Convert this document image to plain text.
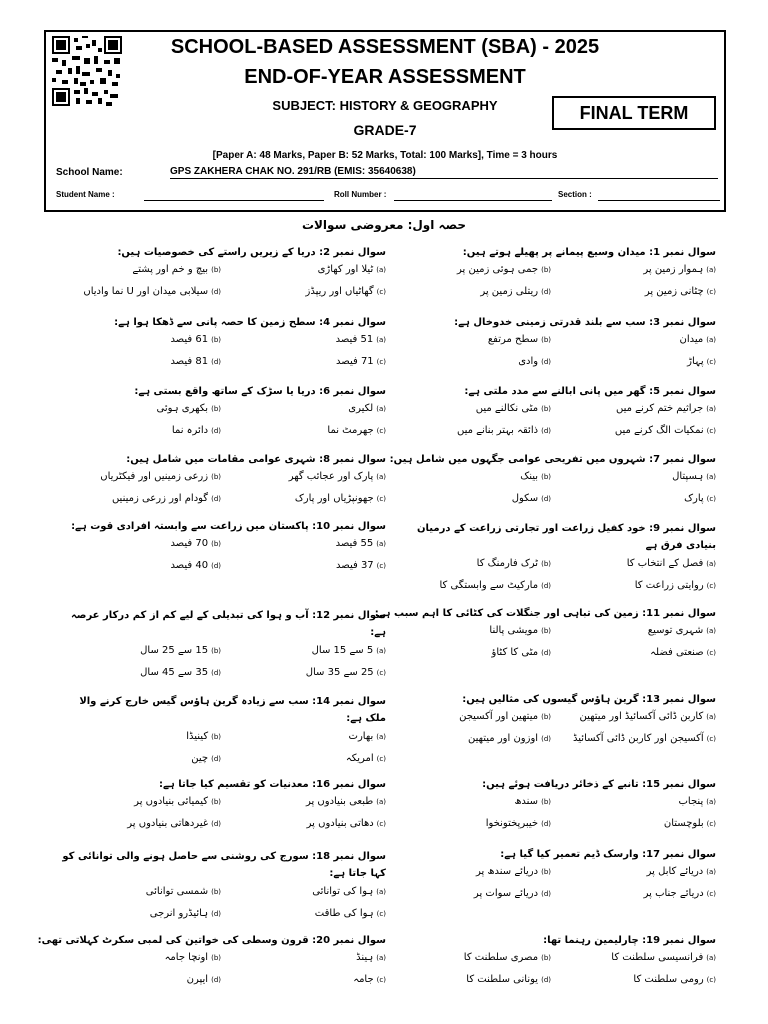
SCHOOL-BASED ASSESSMENT (SBA) - 2025
END-OF-YEAR ASSESSMENT
SUBJECT: HISTORY & GEOGRAPHY
GRADE-7
FINAL TERM
[Paper A: 48 Marks, Paper B: 52 Marks, Total: 100 Marks], Time = 3 hours
School Name:	GPS ZAKHERA CHAK NO. 291/RB (EMIS: 35640638)
Student Name :	Roll Number :	Section :
حصہ اول: معروضی سوالات
سوال نمبر 1: میدان وسیع پیمانے پر پھیلے ہوتے ہیں:
(a)ہموار زمین پر
(b)جمی ہوئی زمین پر
(c)چٹانی زمین پر
(d)ریتلی زمین پر
سوال نمبر 2: دریا کے زیریں راستے کی خصوصیات ہیں:
(a)ٹیلا اور کھاڑی
(b)بیچ و خم اور پشتے
(c)گھاٹیاں اور ریپڈز
(d)سیلابی میدان اور U نما وادیاں
سوال نمبر 3: سب سے بلند قدرتی زمینی خدوخال ہے:
(a)میدان
(b)سطح مرتفع
(c)پہاڑ
(d)وادی
سوال نمبر 4: سطح زمین کا حصہ پانی سے ڈھکا ہوا ہے:
(a)51 فیصد
(b)61 فیصد
(c)71 فیصد
(d)81 فیصد
سوال نمبر 5: گھر میں پانی ابالنے سے مدد ملتی ہے:
(a)جراثیم ختم کرنے میں
(b)مٹی نکالنے میں
(c)نمکیات الگ کرنے میں
(d)ذائقہ بہتر بنانے میں
سوال نمبر 6: دریا یا سڑک کے ساتھ واقع بستی ہے:
(a)لکیری
(b)بکھری ہوئی
(c)جھرمٹ نما
(d)دائرہ نما
سوال نمبر 7: شہروں میں تفریحی عوامی جگہوں میں شامل ہیں:
(a)ہسپتال
(b)بینک
(c)پارک
(d)سکول
سوال نمبر 8: شہری عوامی مقامات میں شامل ہیں:
(a)پارک اور عجائب گھر
(b)زرعی زمینیں اور فیکٹریاں
(c)جھونپڑیاں اور پارک
(d)گودام اور زرعی زمینیں
سوال نمبر 9: خود کفیل زراعت اور تجارتی زراعت کے درمیان بنیادی فرق ہے
(a)فصل کے انتخاب کا
(b)ٹرک فارمنگ کا
(c)روایتی زراعت کا
(d)مارکیٹ سے وابستگی کا
سوال نمبر 10: پاکستان میں زراعت سے وابستہ افرادی قوت ہے:
(a)55 فیصد
(b)70 فیصد
(c)37 فیصد
(d)40 فیصد
سوال نمبر 11: زمین کی تباہی اور جنگلات کی کٹائی کا اہم سبب ہے:
(a)شہری توسیع
(b)مویشی پالنا
(c)صنعتی فضلہ
(d)مٹی کا کٹاؤ
سوال نمبر 12: آب و ہوا کی تبدیلی کے لیے کم از کم درکار عرصہ ہے:
(a)5 سے 15 سال
(b)15 سے 25 سال
(c)25 سے 35 سال
(d)35 سے 45 سال
سوال نمبر 13: گرین ہاؤس گیسوں کی مثالیں ہیں:
(a)کاربن ڈائی آکسائیڈ اور میتھین
(b)میتھین اور آکسیجن
(c)آکسیجن اور کاربن ڈائی آکسائیڈ
(d)اوزون اور میتھین
سوال نمبر 14: سب سے زیادہ گرین ہاؤس گیس خارج کرنے والا ملک ہے:
(a)بھارت
(b)کینیڈا
(c)امریکہ
(d)چین
سوال نمبر 15: تانبے کے ذخائر دریافت ہوئے ہیں:
(a)پنجاب
(b)سندھ
(c)بلوچستان
(d)خیبرپختونخوا
سوال نمبر 16: معدنیات کو تقسیم کیا جاتا ہے:
(a)طبعی بنیادوں پر
(b)کیمیائی بنیادوں پر
(c)دھاتی بنیادوں پر
(d)غیردھاتی بنیادوں پر
سوال نمبر 17: وارسک ڈیم تعمیر کیا گیا ہے:
(a)دریائے کابل پر
(b)دریائے سندھ پر
(c)دریائے جناب پر
(d)دریائے سوات پر
سوال نمبر 18: سورج کی روشنی سے حاصل ہونے والی توانائی کو کہا جاتا ہے:
(a)ہوا کی توانائی
(b)شمسی توانائی
(c)ہوا کی طاقت
(d)ہائیڈرو انرجی
سوال نمبر 19: چارلیمین رہنما تھا:
(a)فرانسیسی سلطنت کا
(b)مصری سلطنت کا
(c)رومی سلطنت کا
(d)یونانی سلطنت کا
سوال نمبر 20: قرون وسطی کی خواتین کی لمبی سکرٹ کہلاتی تھی:
(a)ہینڈ
(b)اونچا جامہ
(c)جامہ
(d)ایپرن
